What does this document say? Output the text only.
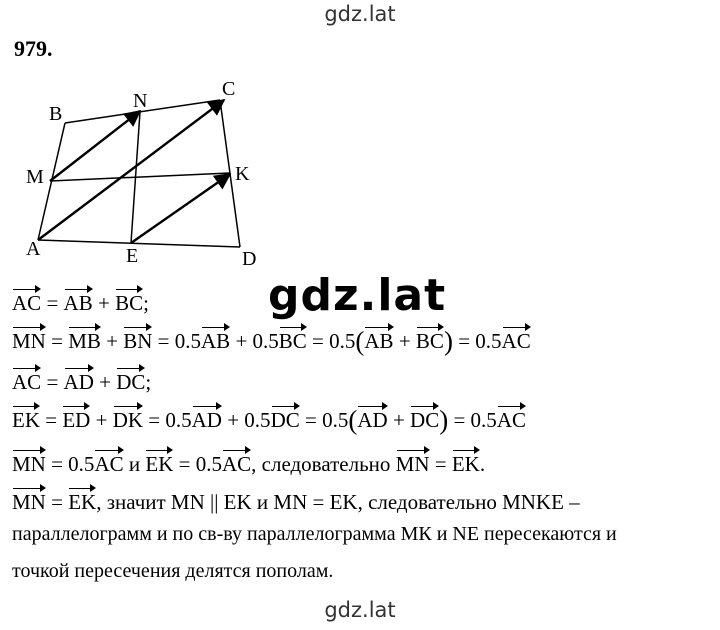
gdz.lat
979.
B
N
C
M	K
A	E	D
gdz.lat
AC = AB + BC;
MN = MB + BN = 0.5AB + 0.5BC = 0.5(AB + BC) = 0.5AC
AC = AD + DC;
EK = ED + DK = 0.5AD + 0.5DC = 0.5(AD + DC) = 0.5AC
MN = 0.5AC и EK = 0.5AC, следовательно MN = EK.
MN = EK, значит MN || EK и MN = EK, следовательно MNKE –
параллелограмм и по св-ву параллелограмма МК и NE пересекаются и
точкой пересечения делятся пополам.
gdz.lat
